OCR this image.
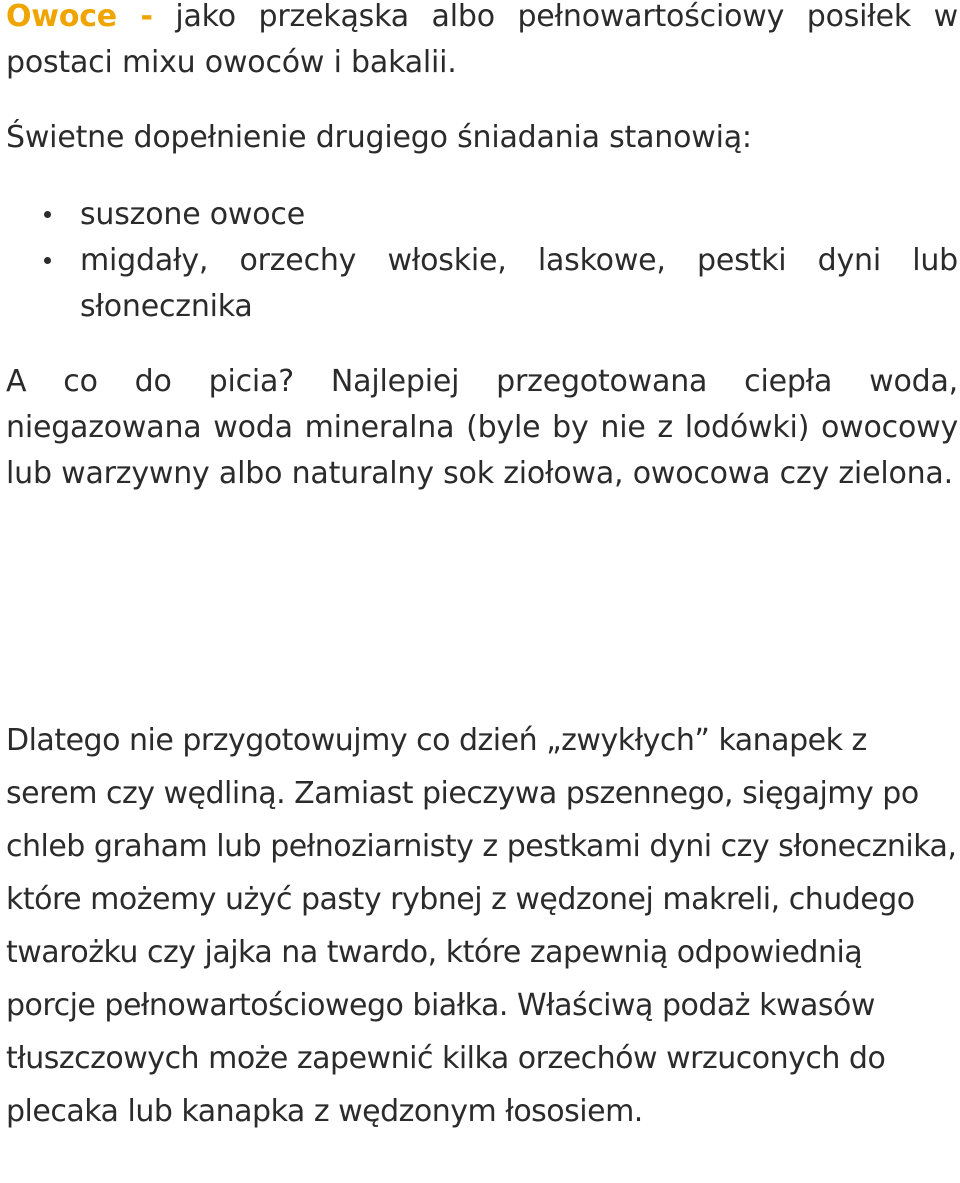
Owoce - jako przekąska albo pełnowartościowy posiłek w postaci mixu owoców i bakalii.

Świetne dopełnienie drugiego śniadania stanowią:

suszone owoce
migdały, orzechy włoskie, laskowe, pestki dyni lub słonecznika

A co do picia? Najlepiej przegotowana ciepła woda, niegazowana woda mineralna (byle by nie z lodówki) owocowy lub warzywny albo naturalny sok ziołowa, owocowa czy zielona.

Dlatego nie przygotowujmy co dzień „zwykłych” kanapek z serem czy wędliną. Zamiast pieczywa pszennego, sięgajmy po chleb graham lub pełnoziarnisty z pestkami dyni czy słonecznika, które możemy użyć pasty rybnej z wędzonej makreli, chudego twarożku czy jajka na twardo, które zapewnią odpowiednią porcje pełnowartościowego białka. Właściwą podaż kwasów tłuszczowych może zapewnić kilka orzechów wrzuconych do plecaka lub kanapka z wędzonym łososiem.
